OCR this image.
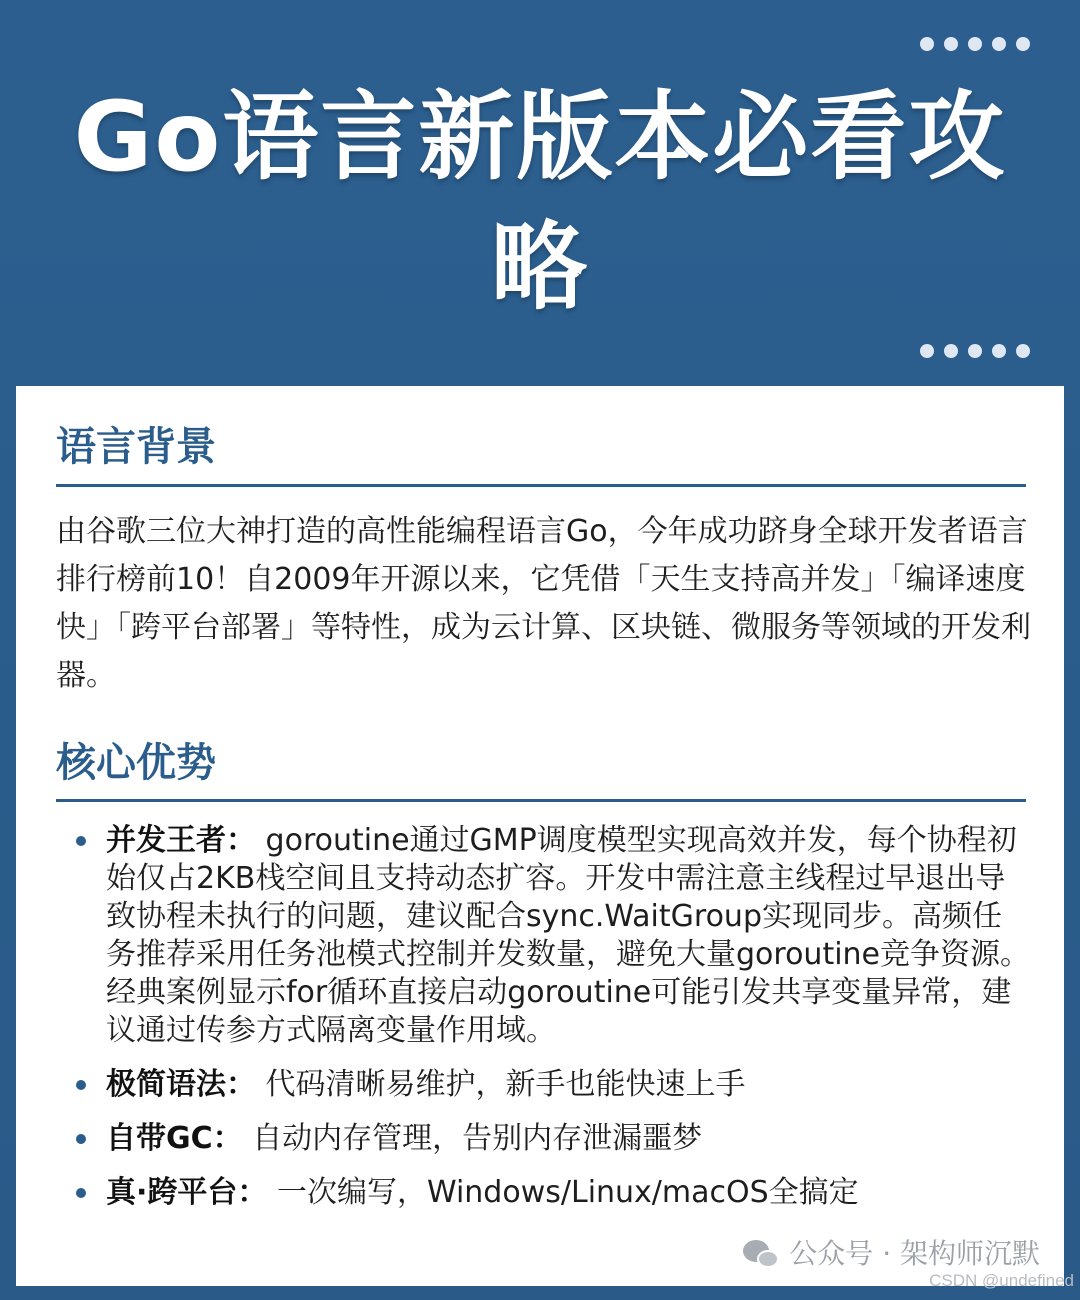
Go语言新版本必看攻略
语言背景

由谷歌三位大神打造的高性能编程语言Go，今年成功跻身全球开发者语言排行榜前10！自2009年开源以来，它凭借「天生支持高并发」「编译速度快」「跨平台部署」等特性，成为云计算、区块链、微服务等领域的开发利器。

核心优势
并发王者： goroutine通过GMP调度模型实现高效并发，每个协程初始仅占2KB栈空间且支持动态扩容。开发中需注意主线程过早退出导致协程未执行的问题，建议配合sync.WaitGroup实现同步。高频任务推荐采用任务池模式控制并发数量，避免大量goroutine竞争资源。经典案例显示for循环直接启动goroutine可能引发共享变量异常，建议通过传参方式隔离变量作用域。
极简语法： 代码清晰易维护，新手也能快速上手
自带GC： 自动内存管理，告别内存泄漏噩梦
真·跨平台： 一次编写，Windows/Linux/macOS全搞定
公众号 · 架构师沉默
CSDN @undefined
